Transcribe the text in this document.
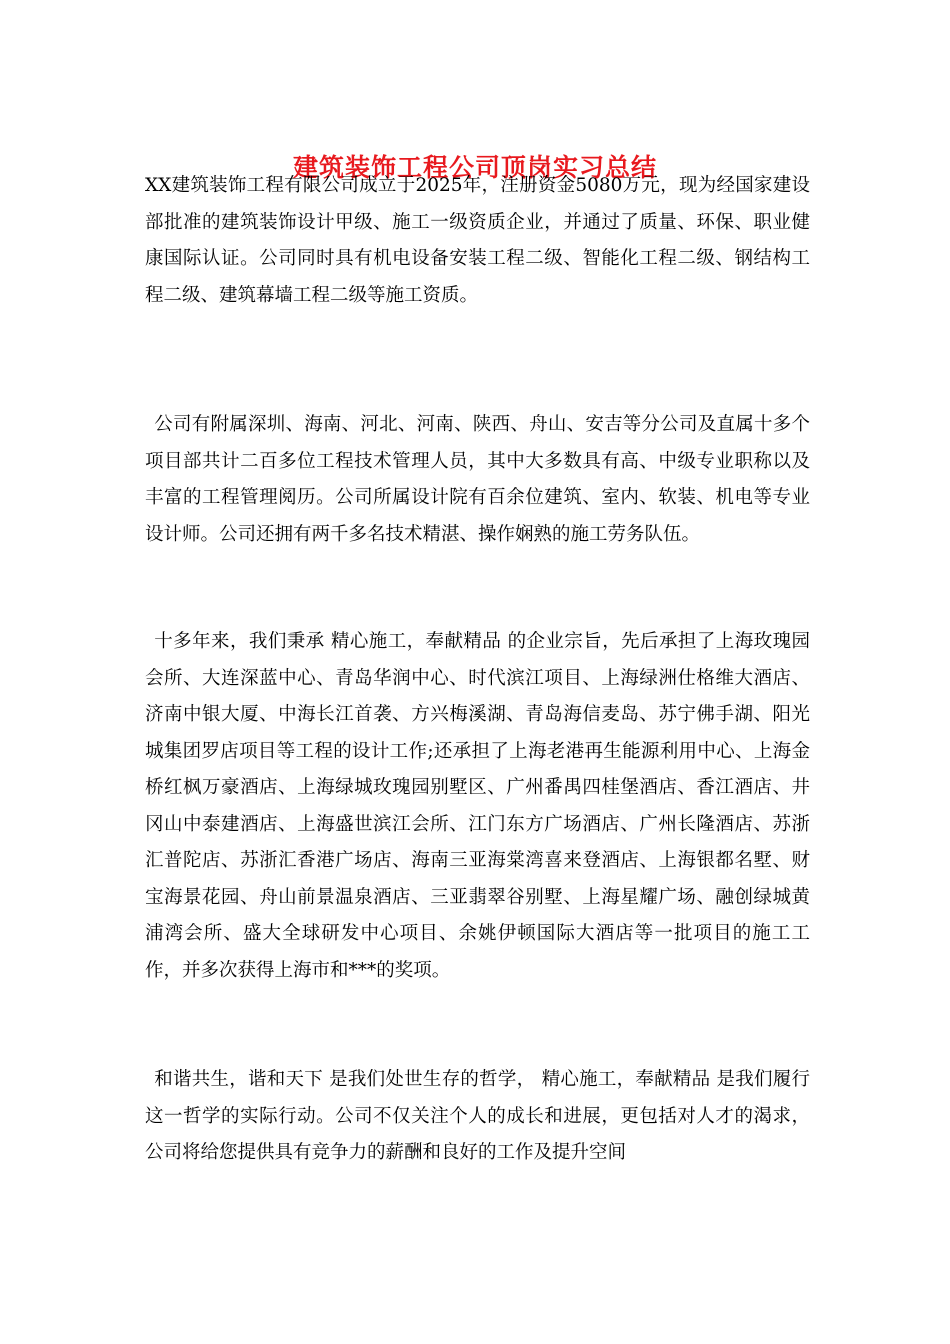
建筑装饰工程公司顶岗实习总结

XX建筑装饰工程有限公司成立于2025年，注册资金5080万元，现为经国家建设部批准的建筑装饰设计甲级、施工一级资质企业，并通过了质量、环保、职业健康国际认证。公司同时具有机电设备安装工程二级、智能化工程二级、钢结构工程二级、建筑幕墙工程二级等施工资质。

公司有附属深圳、海南、河北、河南、陕西、舟山、安吉等分公司及直属十多个项目部共计二百多位工程技术管理人员，其中大多数具有高、中级专业职称以及丰富的工程管理阅历。公司所属设计院有百余位建筑、室内、软装、机电等专业设计师。公司还拥有两千多名技术精湛、操作娴熟的施工劳务队伍。

十多年来，我们秉承 精心施工，奉献精品 的企业宗旨，先后承担了上海玫瑰园会所、大连深蓝中心、青岛华润中心、时代滨江项目、上海绿洲仕格维大酒店、济南中银大厦、中海长江首袭、方兴梅溪湖、青岛海信麦岛、苏宁佛手湖、阳光城集团罗店项目等工程的设计工作;还承担了上海老港再生能源利用中心、上海金桥红枫万豪酒店、上海绿城玫瑰园别墅区、广州番禺四桂堡酒店、香江酒店、井冈山中泰建酒店、上海盛世滨江会所、江门东方广场酒店、广州长隆酒店、苏浙汇普陀店、苏浙汇香港广场店、海南三亚海棠湾喜来登酒店、上海银都名墅、财宝海景花园、舟山前景温泉酒店、三亚翡翠谷别墅、上海星耀广场、融创绿城黄浦湾会所、盛大全球研发中心项目、余姚伊顿国际大酒店等一批项目的施工工作，并多次获得上海市和***的奖项。

和谐共生，谐和天下 是我们处世生存的哲学， 精心施工，奉献精品 是我们履行这一哲学的实际行动。公司不仅关注个人的成长和进展，更包括对人才的渴求，公司将给您提供具有竞争力的薪酬和良好的工作及提升空间
